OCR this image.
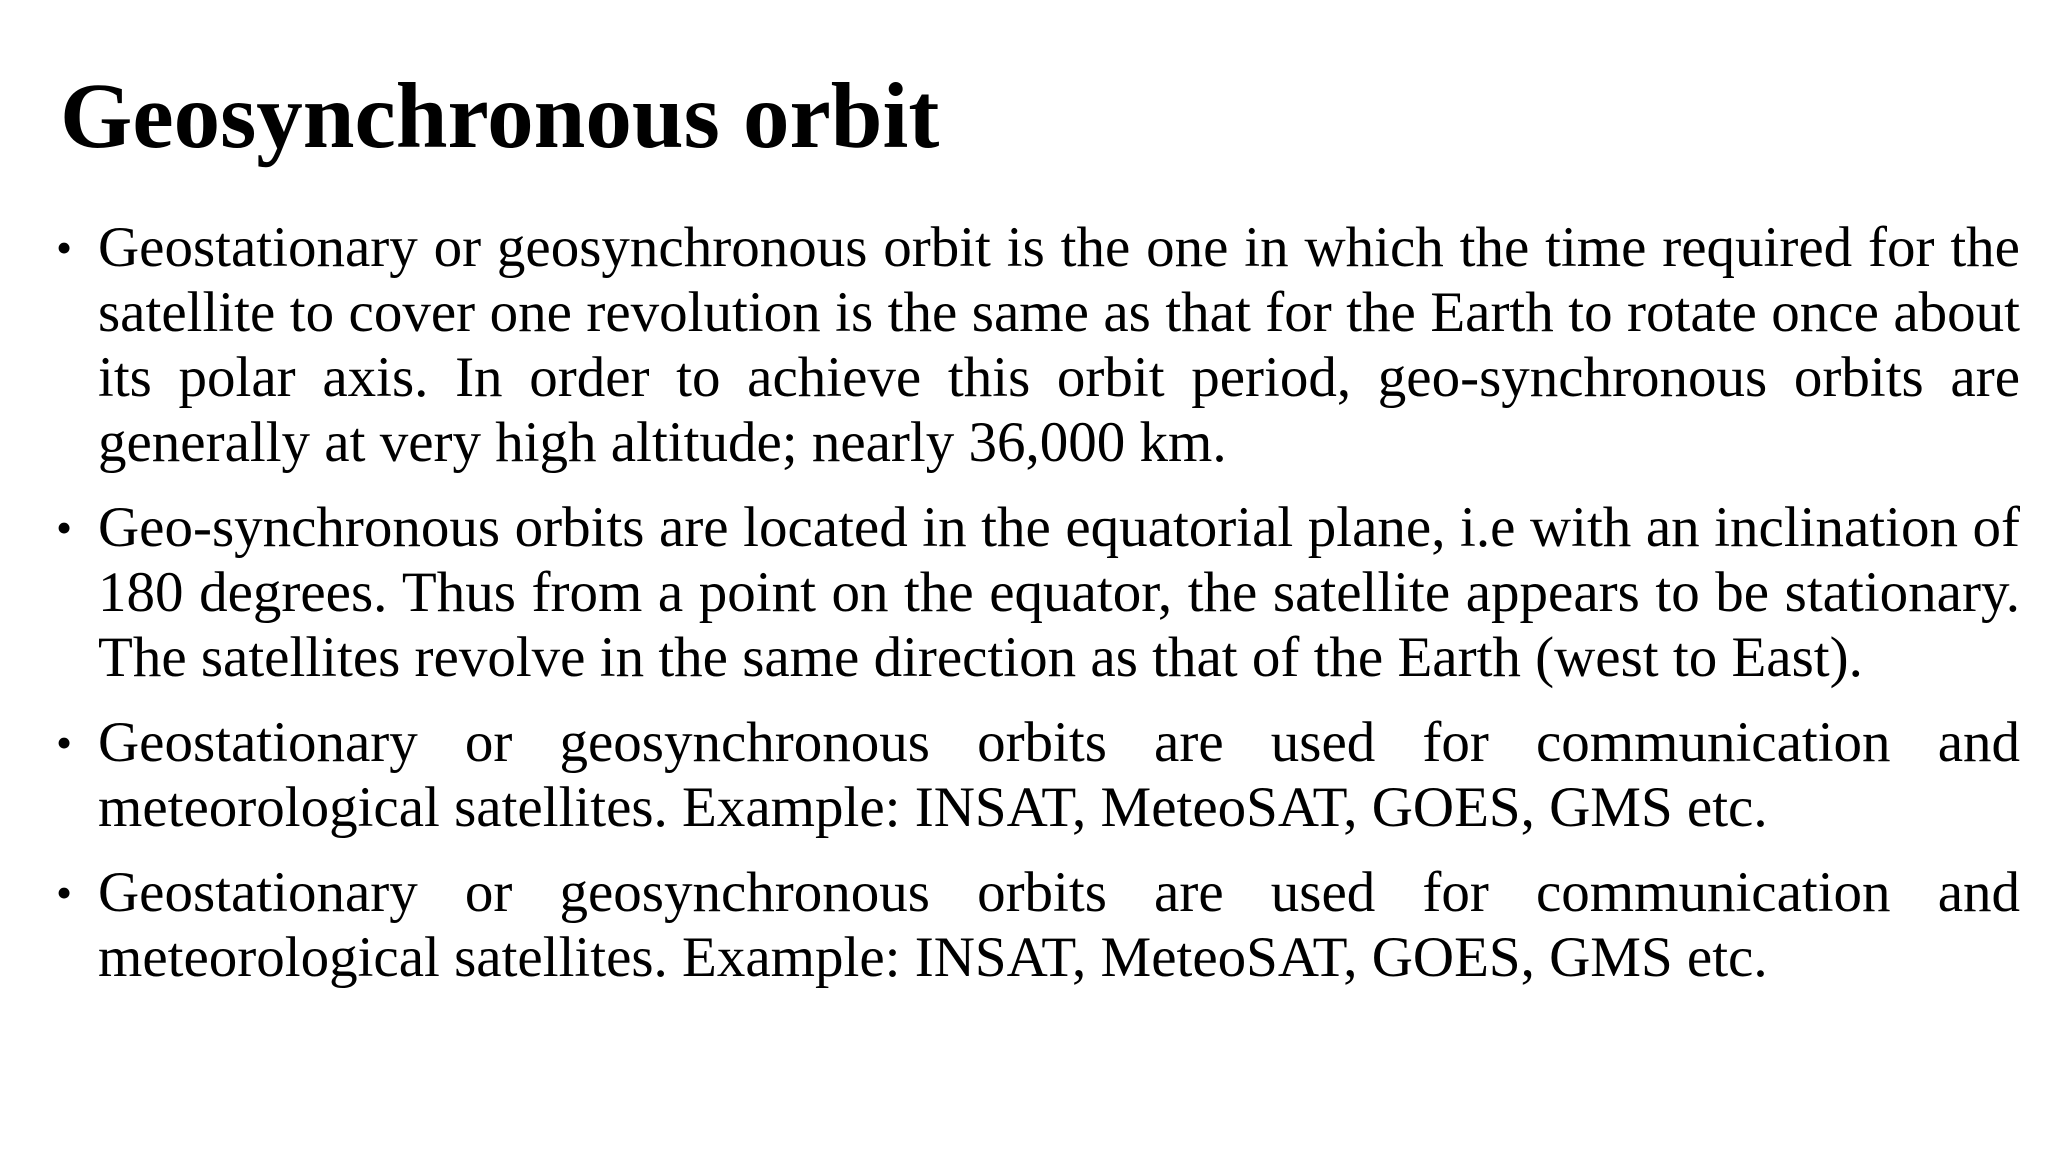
Geosynchronous orbit
• Geostationary or geosynchronous orbit is the one in which the time required for the satellite to cover one revolution is the same as that for the Earth to rotate once about its polar axis. In order to achieve this orbit period, geo-synchronous orbits are generally at very high altitude; nearly 36,000 km.
• Geo-synchronous orbits are located in the equatorial plane, i.e with an inclination of 180 degrees. Thus from a point on the equator, the satellite appears to be stationary. The satellites revolve in the same direction as that of the Earth (west to East).
• Geostationary or geosynchronous orbits are used for communication and meteorological satellites. Example: INSAT, MeteoSAT, GOES, GMS etc.
• Geostationary or geosynchronous orbits are used for communication and meteorological satellites. Example: INSAT, MeteoSAT, GOES, GMS etc.
